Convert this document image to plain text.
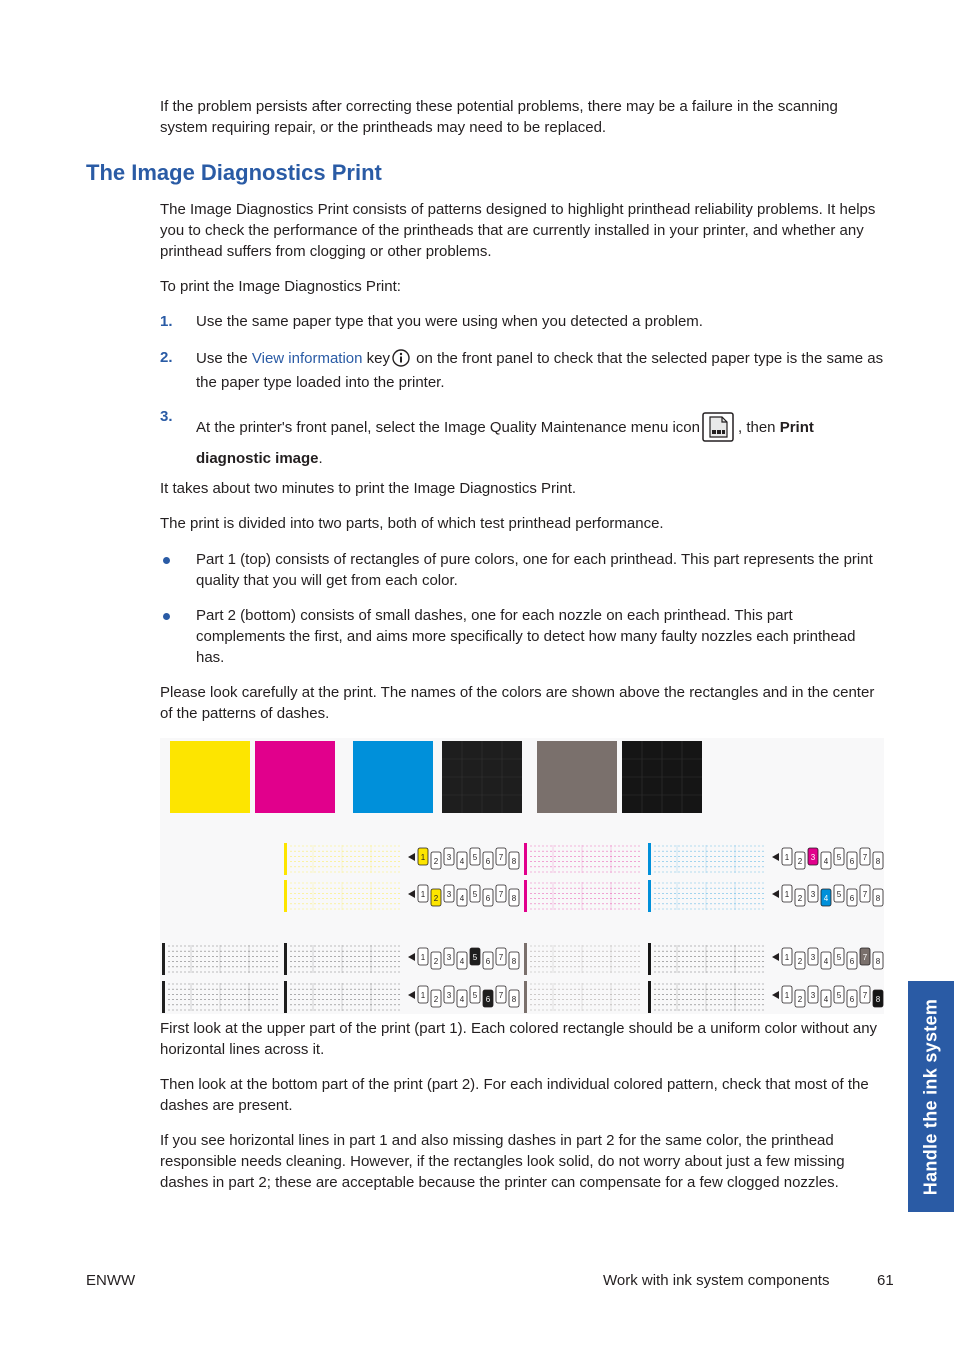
If the problem persists after correcting these potential problems, there may be a failure in the scanning system requiring repair, or the printheads may need to be replaced.

The Image Diagnostics Print

The Image Diagnostics Print consists of patterns designed to highlight printhead reliability problems. It helps you to check the performance of the printheads that are currently installed in your printer, and whether any printhead suffers from clogging or other problems.

To print the Image Diagnostics Print:

1. Use the same paper type that you were using when you detected a problem.

2. Use the View information key on the front panel to check that the selected paper type is the same as the paper type loaded into the printer.

3.

At the printer's front panel, select the Image Quality Maintenance menu icon	, then Print
diagnostic image.

It takes about two minutes to print the Image Diagnostics Print.

The print is divided into two parts, both of which test printhead performance.

Part 1 (top) consists of rectangles of pure colors, one for each printhead. This part represents the print quality that you will get from each color.

Part 2 (bottom) consists of small dashes, one for each nozzle on each printhead. This part complements the first, and aims more specifically to detect how many faulty nozzles each printhead has.

Please look carefully at the print. The names of the colors are shown above the rectangles and in the center of the patterns of dashes.

1 2 3 4 5 6 7 8	1 2 3 4 5 6 7 8
1 2 3 4 5 6 7 8	1 2 3 4 5 6 7 8
1 2 3 4 5 6 7 8	1 2 3 4 5 6 7 8
1 2 3 4 5 6 7 8	1 2 3 4 5 6 7 8

First look at the upper part of the print (part 1). Each colored rectangle should be a uniform color without any horizontal lines across it.

Then look at the bottom part of the print (part 2). For each individual colored pattern, check that most of the dashes are present.

If you see horizontal lines in part 1 and also missing dashes in part 2 for the same color, the printhead responsible needs cleaning. However, if the rectangles look solid, do not worry about just a few missing dashes in part 2; these are acceptable because the printer can compensate for a few clogged nozzles.	Handle the ink system
ENWW	Work with ink system components	61
